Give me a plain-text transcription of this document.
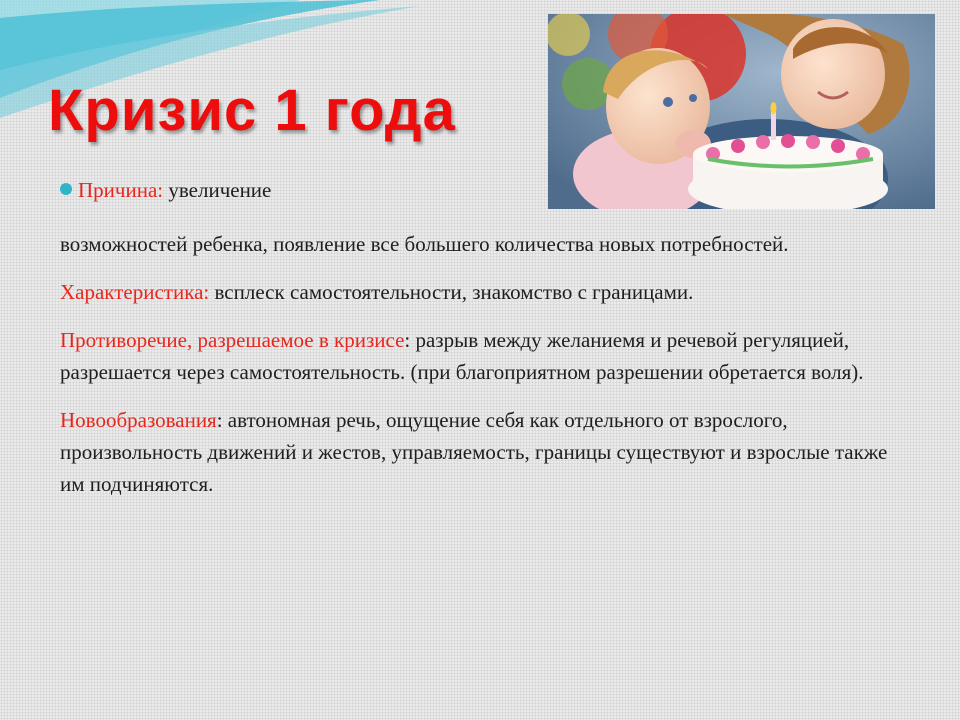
Кризис 1 года

Причина: увеличение

возможностей ребенка, появление все большего количества новых потребностей.

Характеристика: всплеск самостоятельности, знакомство с границами.

Противоречие, разрешаемое в кризисе: разрыв между желаниемя и речевой регуляцией, разрешается через самостоятельность. (при благоприятном разрешении обретается воля).

Новообразования: автономная речь, ощущение себя как отдельного от взрослого, произвольность движений и жестов, управляемость, границы существуют и взрослые также им подчиняются.
